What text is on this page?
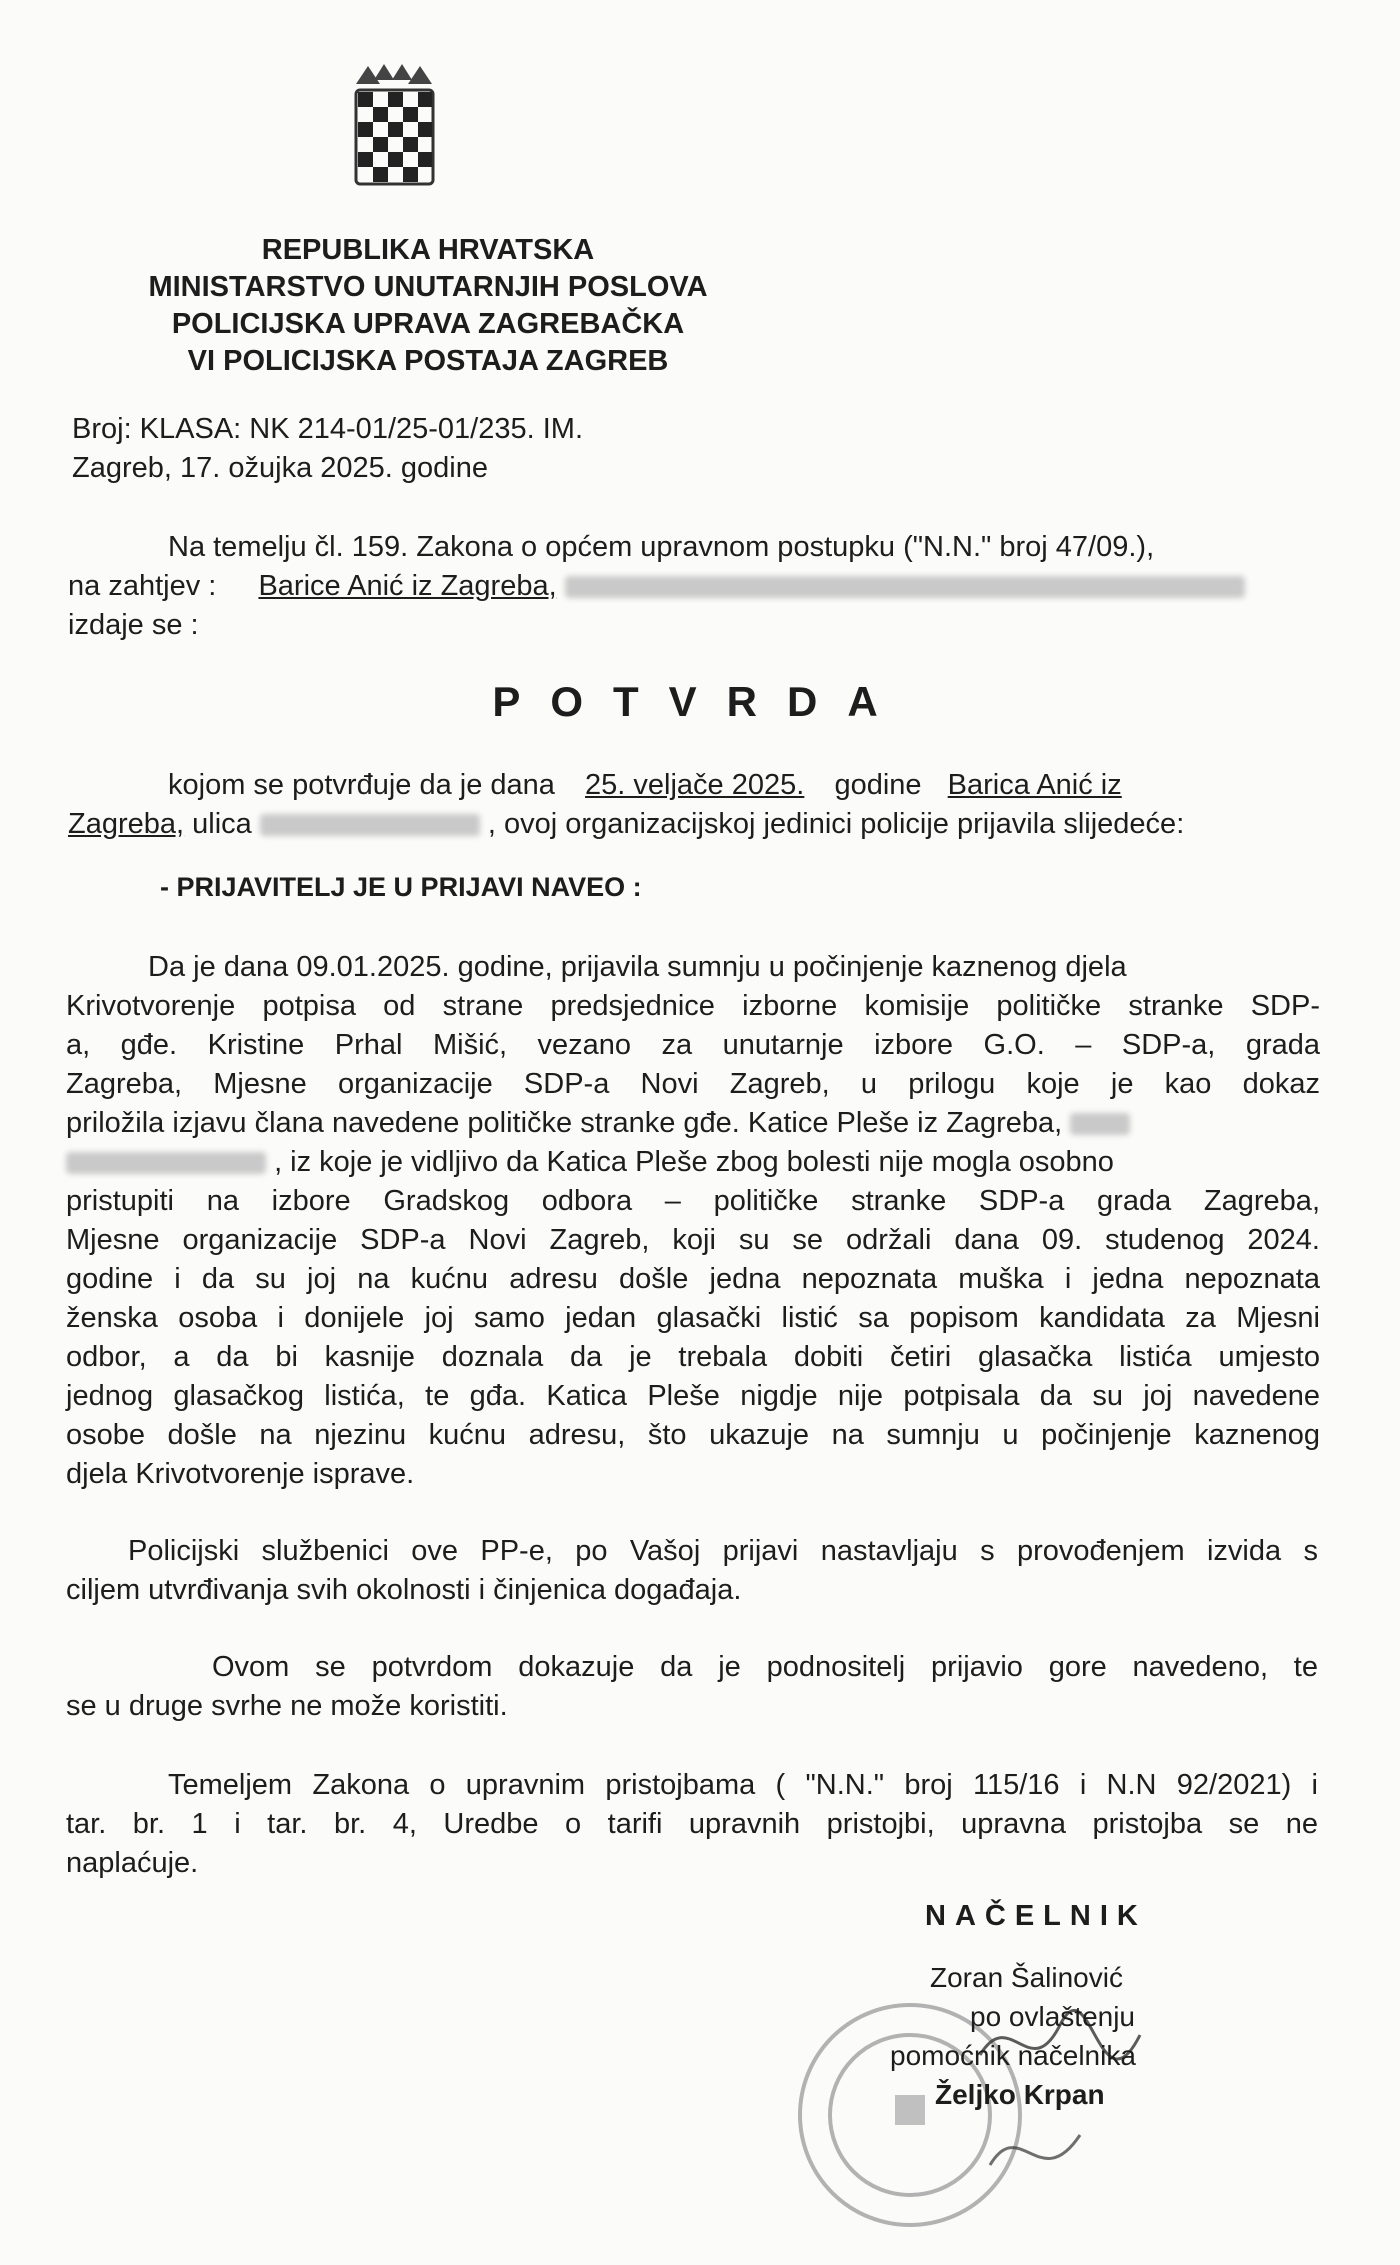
REPUBLIKA HRVATSKA
MINISTARSTVO UNUTARNJIH POSLOVA
POLICIJSKA UPRAVA ZAGREBAČKA
VI POLICIJSKA POSTAJA ZAGREB
Broj: KLASA: NK 214-01/25-01/235. IM.
Zagreb, 17. ožujka 2025. godine
Na temelju čl. 159. Zakona o općem upravnom postupku ("N.N." broj 47/09.),
na zahtjev : Barice Anić iz Zagreba,
izdaje se :
POTVRDA
kojom se potvrđuje da je dana 25. veljače 2025. godine Barica Anić iz
Zagreba, ulica	, ovoj organizacijskoj jedinici policije prijavila slijedeće:
- PRIJAVITELJ JE U PRIJAVI NAVEO :
Da je dana 09.01.2025. godine, prijavila sumnju u počinjenje kaznenog djela
Krivotvorenje potpisa od strane predsjednice izborne komisije političke stranke SDP-
a, gđe. Kristine Prhal Mišić, vezano za unutarnje izbore G.O. – SDP-a, grada
Zagreba, Mjesne organizacije SDP-a Novi Zagreb, u prilogu koje je kao dokaz
priložila izjavu člana navedene političke stranke gđe. Katice Pleše iz Zagreba,
, iz koje je vidljivo da Katica Pleše zbog bolesti nije mogla osobno
pristupiti na izbore Gradskog odbora – političke stranke SDP-a grada Zagreba,
Mjesne organizacije SDP-a Novi Zagreb, koji su se održali dana 09. studenog 2024.
godine i da su joj na kućnu adresu došle jedna nepoznata muška i jedna nepoznata
ženska osoba i donijele joj samo jedan glasački listić sa popisom kandidata za Mjesni
odbor, a da bi kasnije doznala da je trebala dobiti četiri glasačka listića umjesto
jednog glasačkog listića, te gđa. Katica Pleše nigdje nije potpisala da su joj navedene
osobe došle na njezinu kućnu adresu, što ukazuje na sumnju u počinjenje kaznenog
djela Krivotvorenje isprave.
Policijski službenici ove PP-e, po Vašoj prijavi nastavljaju s provođenjem izvida s
ciljem utvrđivanja svih okolnosti i činjenica događaja.
Ovom se potvrdom dokazuje da je podnositelj prijavio gore navedeno, te
se u druge svrhe ne može koristiti.
Temeljem Zakona o upravnim pristojbama ( "N.N." broj 115/16 i N.N 92/2021) i
tar. br. 1 i tar. br. 4, Uredbe o tarifi upravnih pristojbi, upravna pristojba se ne
naplaćuje.
NAČELNIK
Zoran Šalinović
po ovlaštenju
pomoćnik načelnika
Željko Krpan
